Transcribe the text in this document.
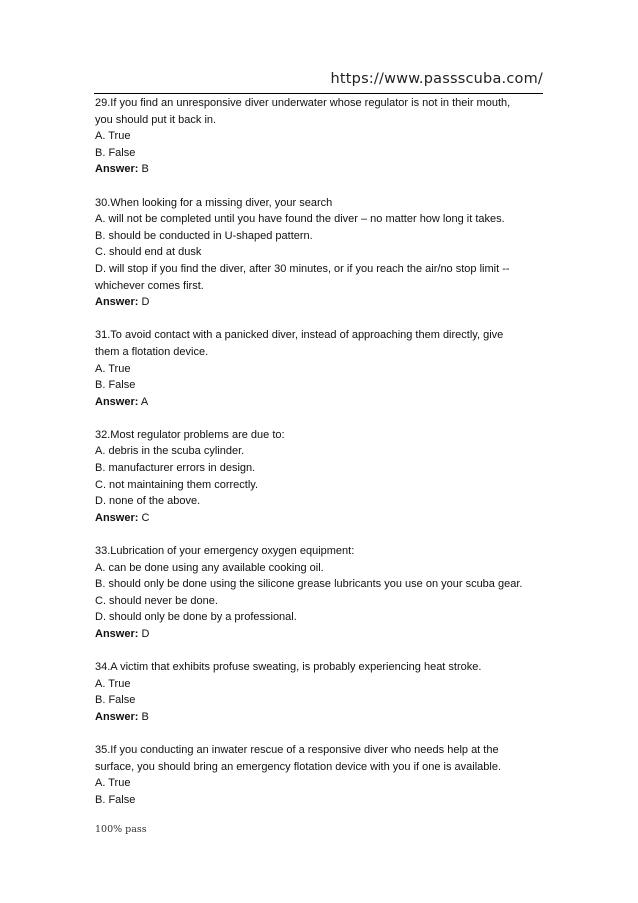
https://www.passscuba.com/

29.If you find an unresponsive diver underwater whose regulator is not in their mouth,

you should put it back in.

A. True

B. False

Answer: B

30.When looking for a missing diver, your search

A. will not be completed until you have found the diver – no matter how long it takes.

B. should be conducted in U-shaped pattern.

C. should end at dusk

D. will stop if you find the diver, after 30 minutes, or if you reach the air/no stop limit --

whichever comes first.

Answer: D

31.To avoid contact with a panicked diver, instead of approaching them directly, give

them a flotation device.

A. True

B. False

Answer: A

32.Most regulator problems are due to:

A. debris in the scuba cylinder.

B. manufacturer errors in design.

C. not maintaining them correctly.

D. none of the above.

Answer: C

33.Lubrication of your emergency oxygen equipment:

A. can be done using any available cooking oil.

B. should only be done using the silicone grease lubricants you use on your scuba gear.

C. should never be done.

D. should only be done by a professional.

Answer: D

34.A victim that exhibits profuse sweating, is probably experiencing heat stroke.

A. True

B. False

Answer: B

35.If you conducting an inwater rescue of a responsive diver who needs help at the

surface, you should bring an emergency flotation device with you if one is available.

A. True

B. False

100% pass
